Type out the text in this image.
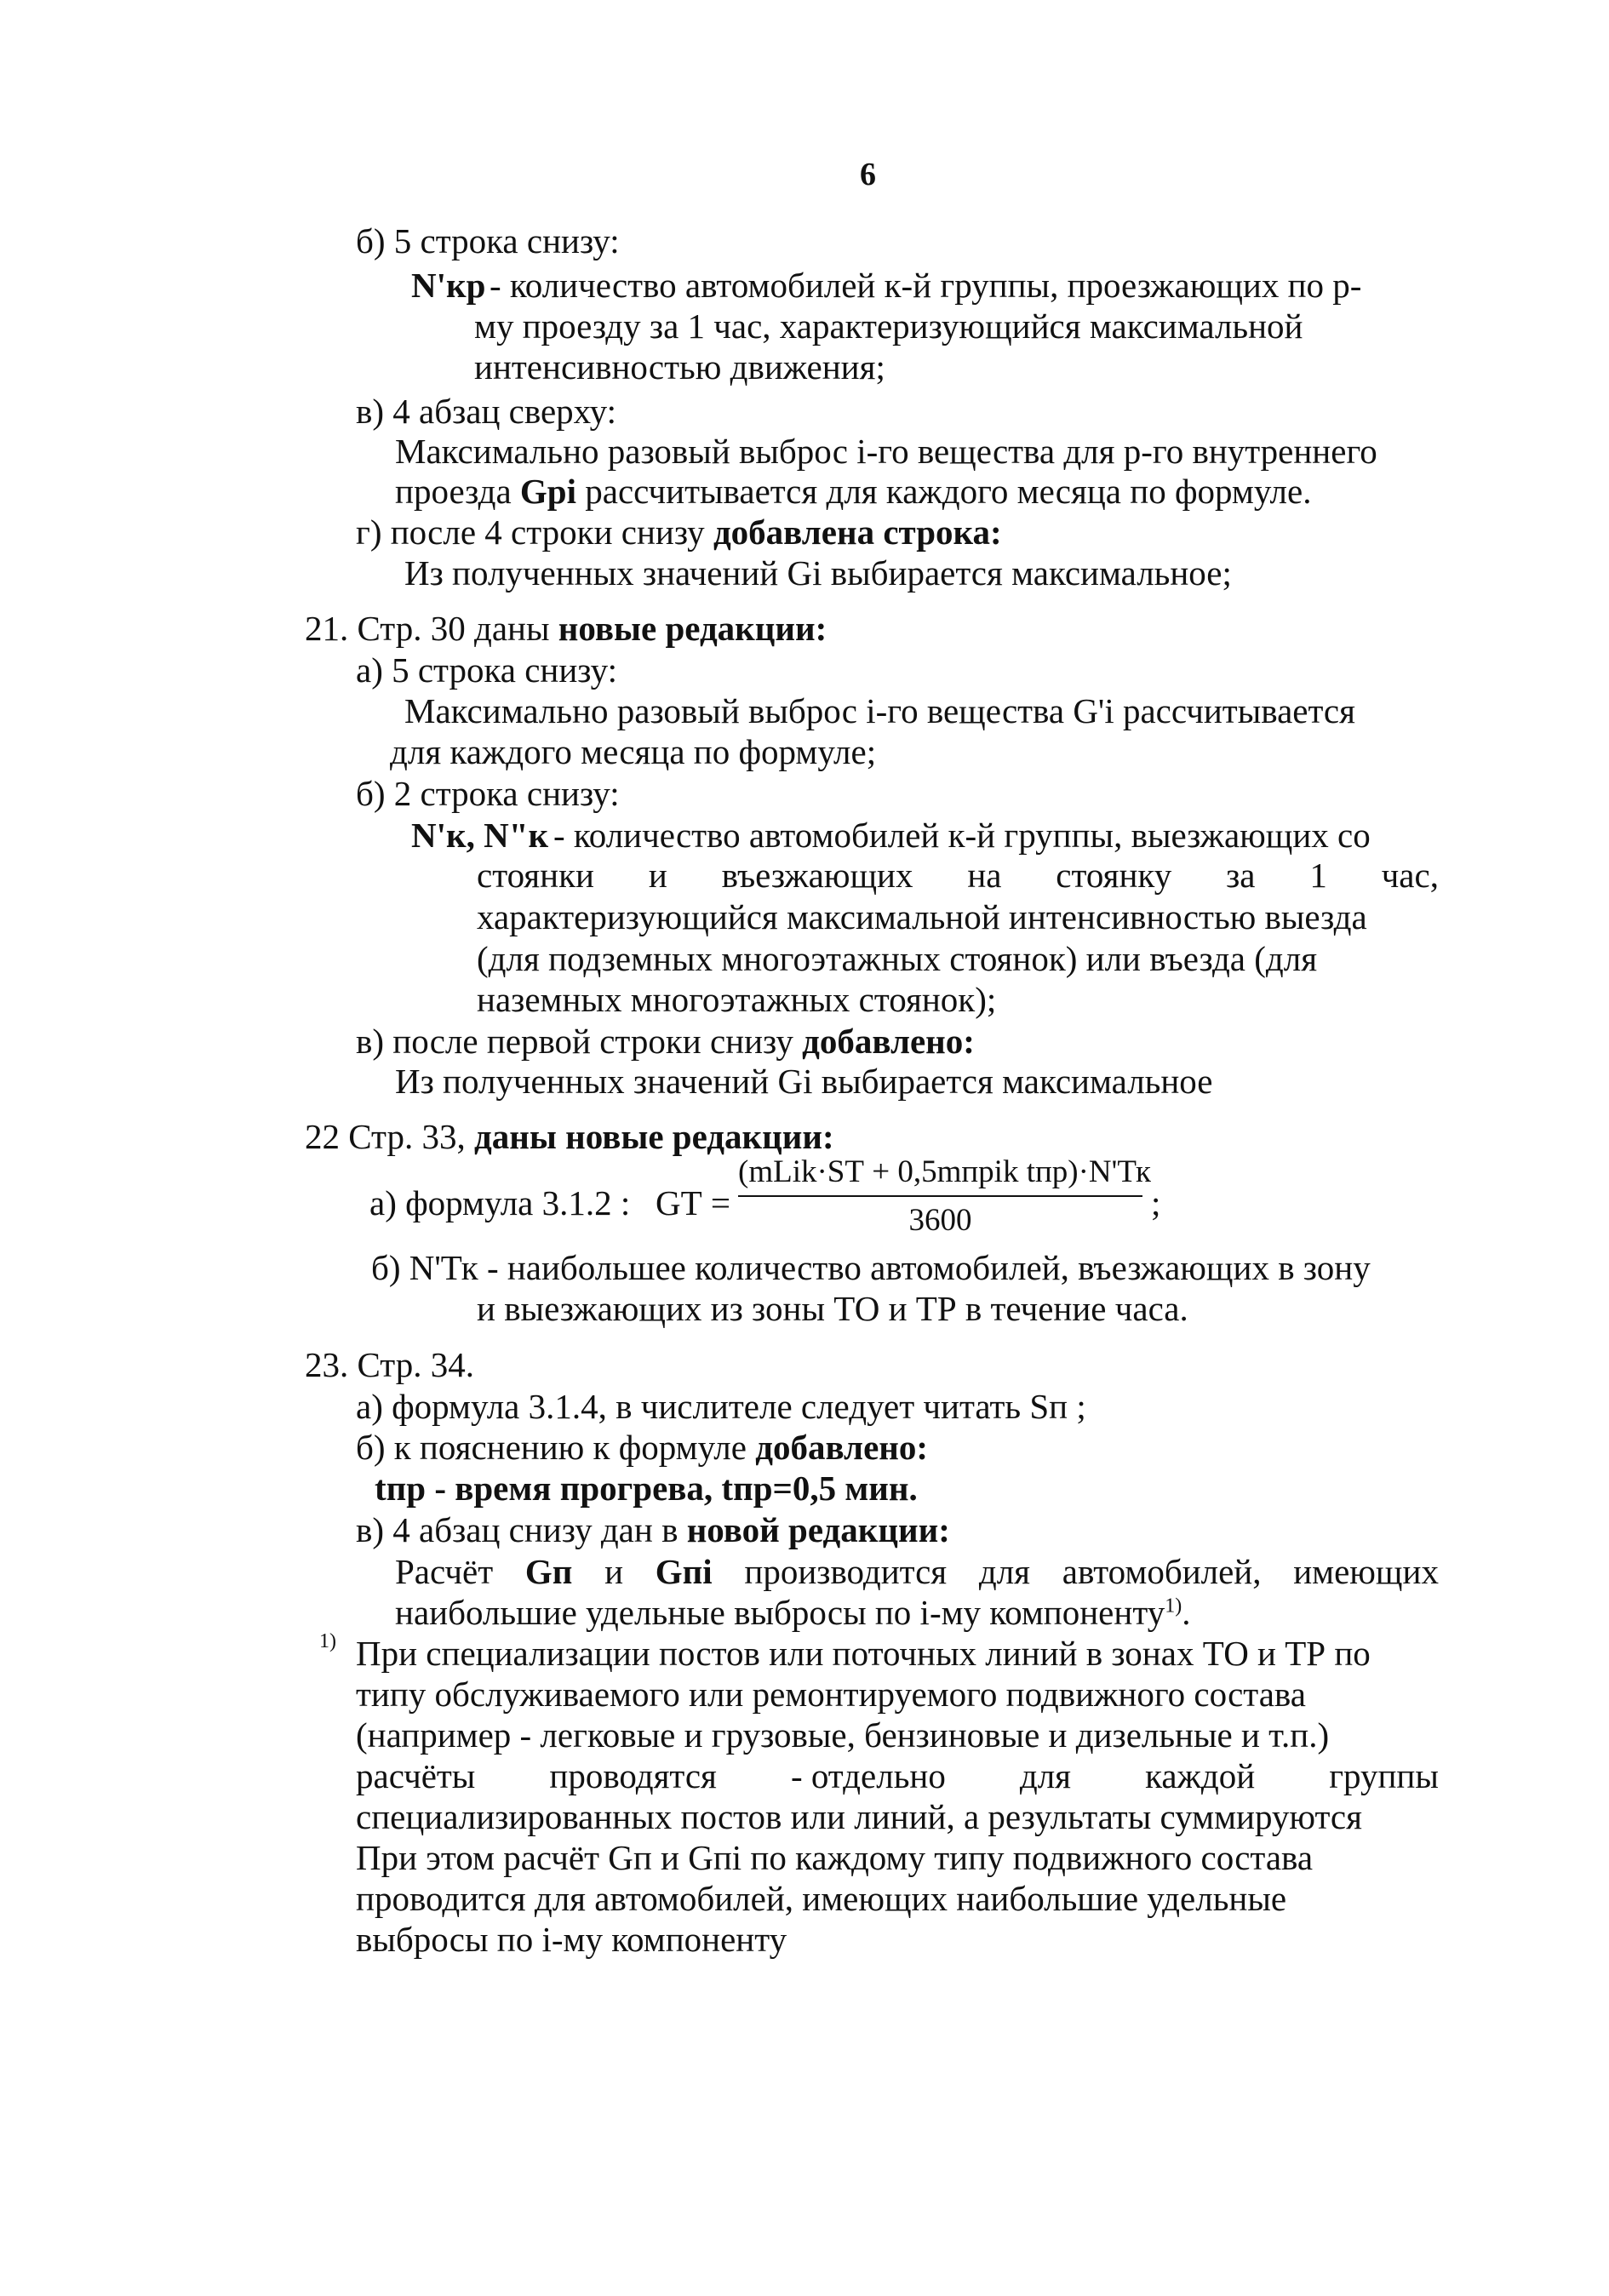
6
б) 5 строка снизу:
N'кр - количество автомобилей к-й группы, проезжающих по р-
му проезду за 1 час, характеризующийся максимальной
интенсивностью движения;
в) 4 абзац сверху:
Максимально разовый выброс i-го вещества для р-го внутреннего
проезда Gрi рассчитывается для каждого месяца по формуле.
г) после 4 строки снизу добавлена строка:
Из полученных значений Gi выбирается максимальное;
21. Стр. 30 даны новые редакции:
а) 5 строка снизу:
Максимально разовый выброс i-го вещества G'i рассчитывается
для каждого месяца по формуле;
б) 2 строка снизу:
N'к, N"к - количество автомобилей к-й группы, выезжающих со
стоянки и въезжающих на стоянку за 1 час,
характеризующийся максимальной интенсивностью выезда
(для подземных многоэтажных стоянок) или въезда (для
наземных многоэтажных стоянок);
в) после первой строки снизу добавлено:
Из полученных значений Gi выбирается максимальное
22 Стр. 33, даны новые редакции:
а) формула 3.1.2 : GТ =
(mLik·SТ + 0,5mпрik tпр)·N'Тк
3600	;
б) N'Тк - наибольшее количество автомобилей, въезжающих в зону
и выезжающих из зоны ТО и ТР в течение часа.
23. Стр. 34.
а) формула 3.1.4, в числителе следует читать Sп ;
б) к пояснению к формуле добавлено:
tпр - время прогрева, tпр=0,5 мин.
в) 4 абзац снизу дан в новой редакции:
Расчёт Gп и Gпi производится для автомобилей, имеющих
наибольшие удельные выбросы по i-му компоненту$^{1)}$.
1) При специализации постов или поточных линий в зонах ТО и ТР по
типу обслуживаемого или ремонтируемого подвижного состава
(например - легковые и грузовые, бензиновые и дизельные и т.п.)
расчёты проводятся - отдельно для каждой группы
специализированных постов или линий, а результаты суммируются
При этом расчёт Gп и Gпi по каждому типу подвижного состава
проводится для автомобилей, имеющих наибольшие удельные
выбросы по i-му компоненту
